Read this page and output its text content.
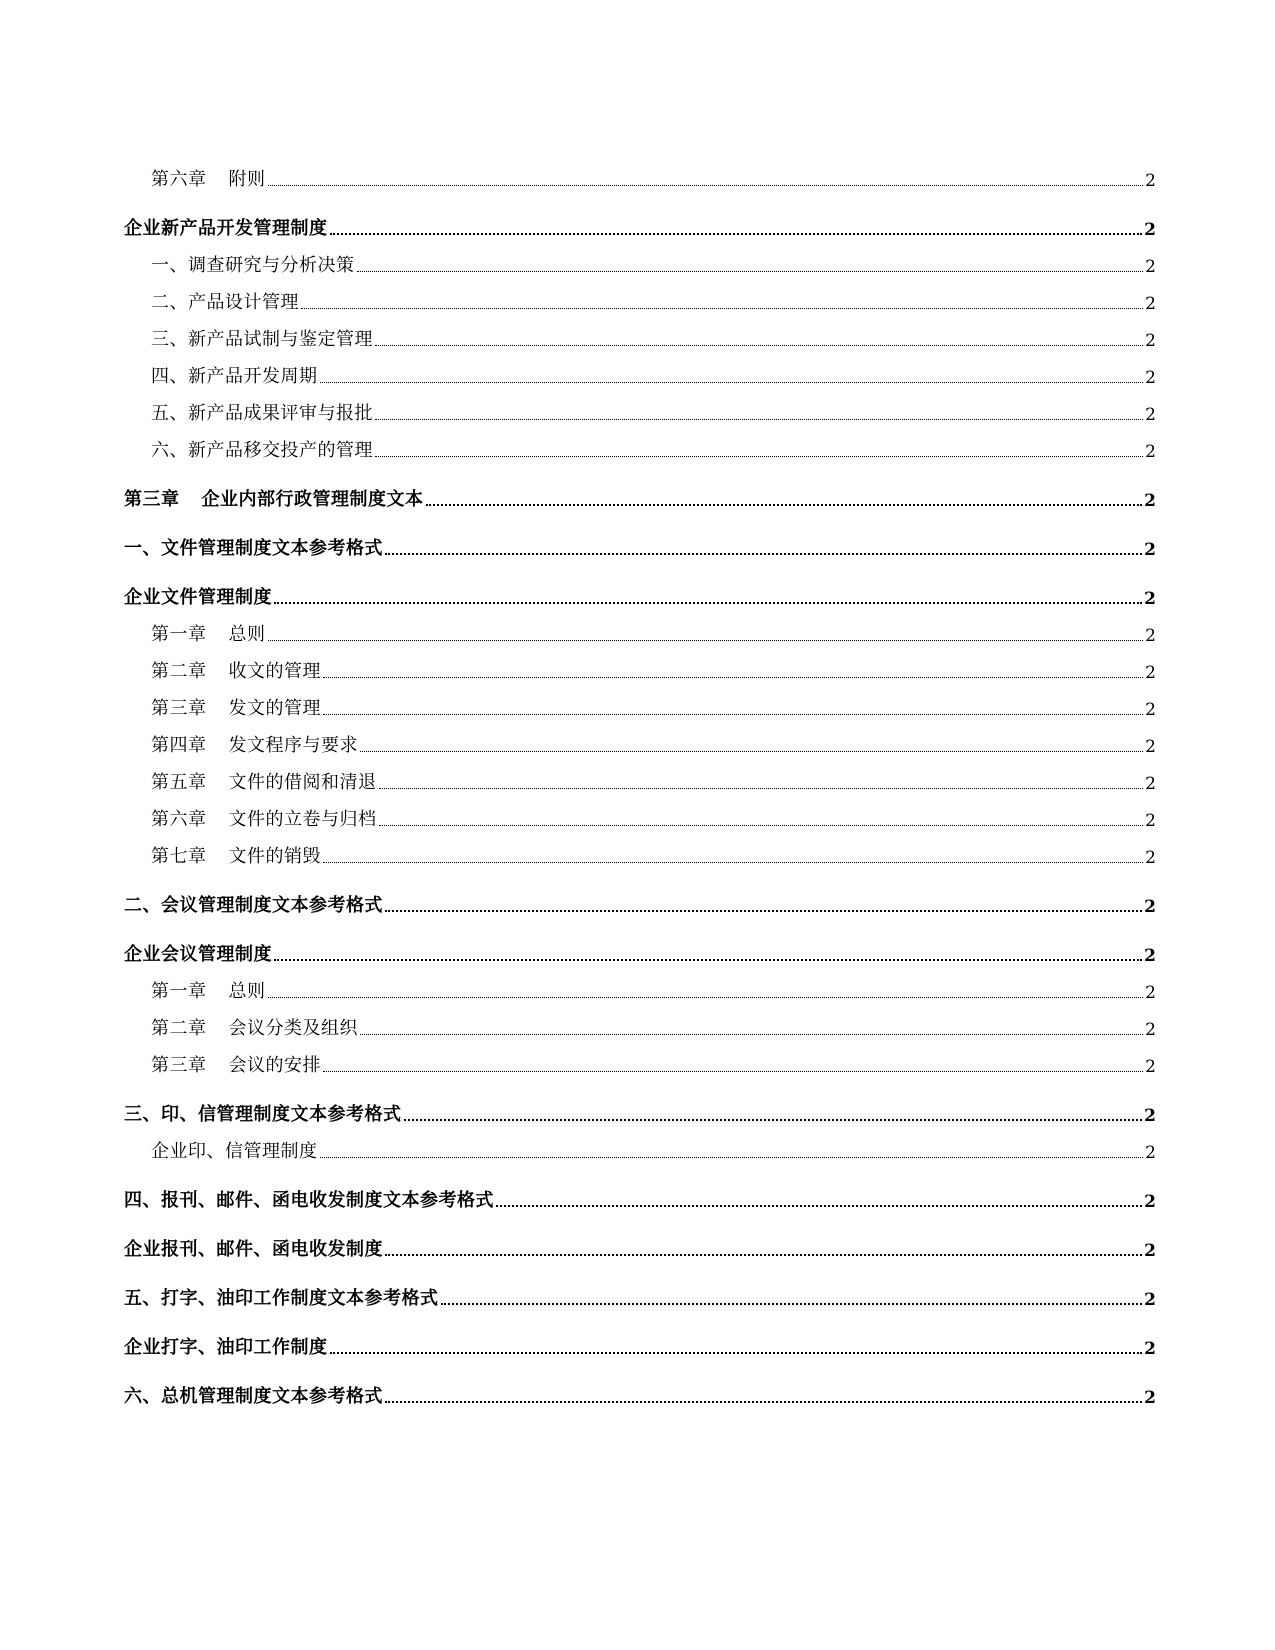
第六章 附则	2
企业新产品开发管理制度	2
一、调查研究与分析决策	2
二、产品设计管理	2
三、新产品试制与鉴定管理	2
四、新产品开发周期	2
五、新产品成果评审与报批	2
六、新产品移交投产的管理	2
第三章 企业内部行政管理制度文本	2
一、文件管理制度文本参考格式	2
企业文件管理制度	2
第一章 总则	2
第二章 收文的管理	2
第三章 发文的管理	2
第四章 发文程序与要求	2
第五章 文件的借阅和清退	2
第六章 文件的立卷与归档	2
第七章 文件的销毁	2
二、会议管理制度文本参考格式	2
企业会议管理制度	2
第一章 总则	2
第二章 会议分类及组织	2
第三章 会议的安排	2
三、印、信管理制度文本参考格式	2
企业印、信管理制度	2
四、报刊、邮件、函电收发制度文本参考格式	2
企业报刊、邮件、函电收发制度	2
五、打字、油印工作制度文本参考格式	2
企业打字、油印工作制度	2
六、总机管理制度文本参考格式	2
